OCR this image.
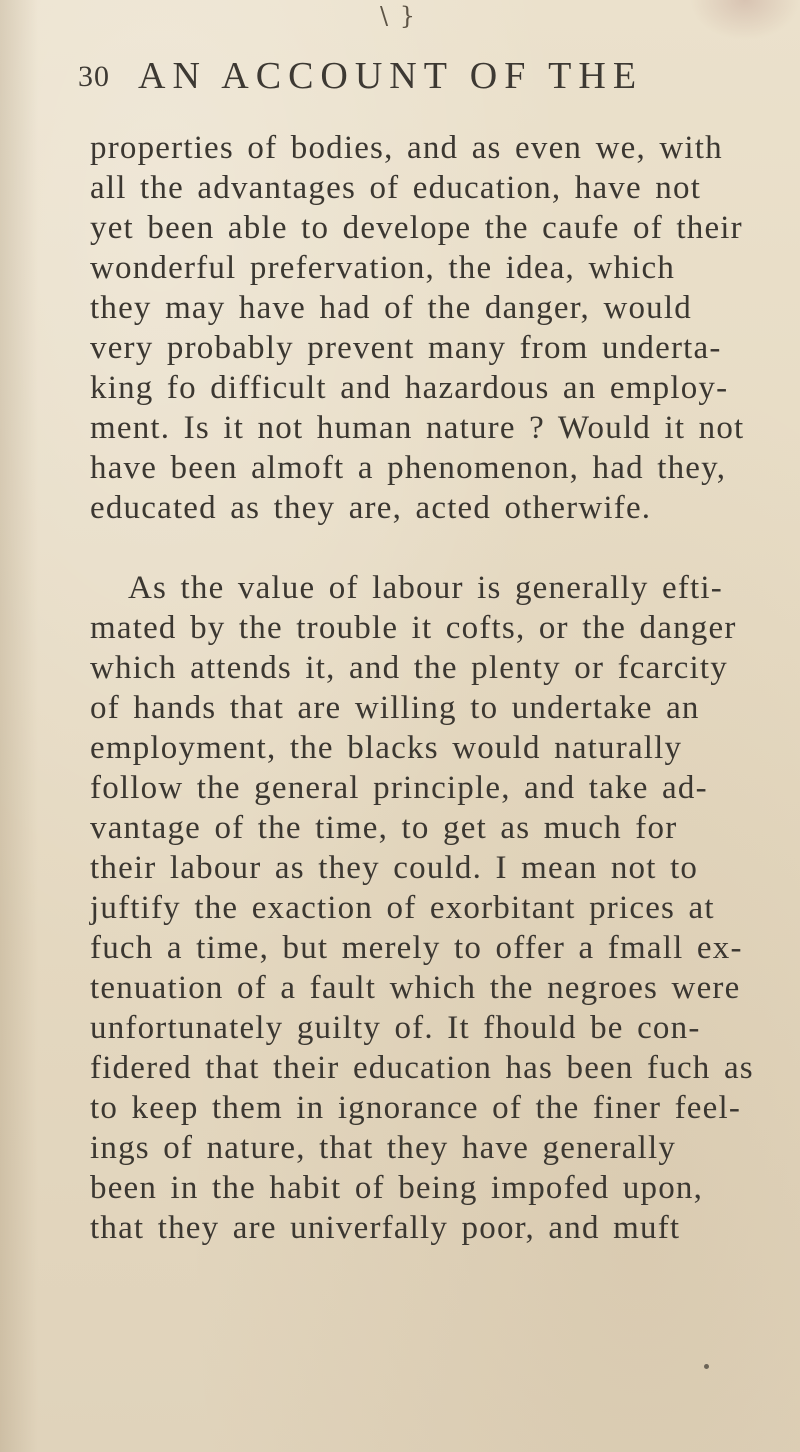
\ }
30 AN ACCOUNT OF THE
properties of bodies, and as even we, with
all the advantages of education, have not
yet been able to develope the caufe of their
wonderful prefervation, the idea, which
they may have had of the danger, would
very probably prevent many from underta-
king fo difficult and hazardous an employ-
ment. Is it not human nature ? Would it not
have been almoft a phenomenon, had they,
educated as they are, acted otherwife.
As the value of labour is generally efti-
mated by the trouble it cofts, or the danger
which attends it, and the plenty or fcarcity
of hands that are willing to undertake an
employment, the blacks would naturally
follow the general principle, and take ad-
vantage of the time, to get as much for
their labour as they could. I mean not to
juftify the exaction of exorbitant prices at
fuch a time, but merely to offer a fmall ex-
tenuation of a fault which the negroes were
unfortunately guilty of. It fhould be con-
fidered that their education has been fuch as
to keep them in ignorance of the finer feel-
ings of nature, that they have generally
been in the habit of being impofed upon,
that they are univerfally poor, and muft
